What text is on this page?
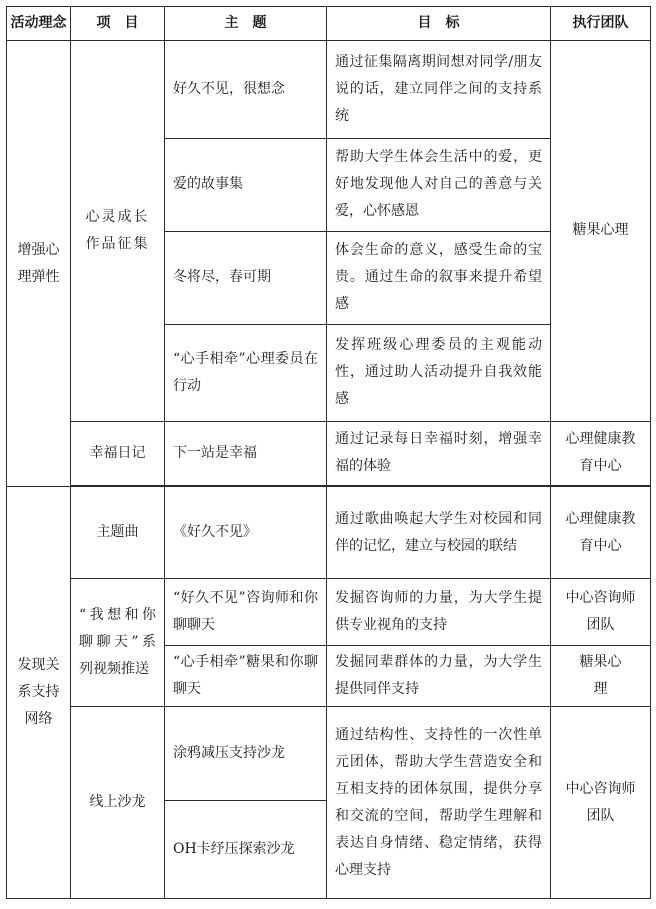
活动理念	项　目	主　题	目　标	执行团队
增强心理弹性	心灵成长作品征集	好久不见，很想念	通过征集隔离期间想对同学/朋友说的话，建立同伴之间的支持系统	糖果心理
		爱的故事集	帮助大学生体会生活中的爱，更好地发现他人对自己的善意与关爱，心怀感恩	
		冬将尽，春可期	体会生命的意义，感受生命的宝贵。通过生命的叙事来提升希望感	
		“心手相牵”心理委员在行动	发挥班级心理委员的主观能动性，通过助人活动提升自我效能感	
	幸福日记	下一站是幸福	通过记录每日幸福时刻，增强幸福的体验	心理健康教育中心

发现关系支持网络	主题曲	《好久不见》	通过歌曲唤起大学生对校园和同伴的记忆，建立与校园的联结	心理健康教育中心
	“我想和你聊聊天”系列视频推送	“好久不见”咨询师和你聊聊天	发掘咨询师的力量，为大学生提供专业视角的支持	中心咨询师团队
		“心手相牵”糖果和你聊聊天	发掘同辈群体的力量，为大学生提供同伴支持	糖果心理
	线上沙龙	涂鸦减压支持沙龙	通过结构性、支持性的一次性单元团体，帮助大学生营造安全和互相支持的团体氛围，提供分享和交流的空间，帮助学生理解和表达自身情绪、稳定情绪，获得心理支持	中心咨询师团队
		OH卡纾压探索沙龙		
